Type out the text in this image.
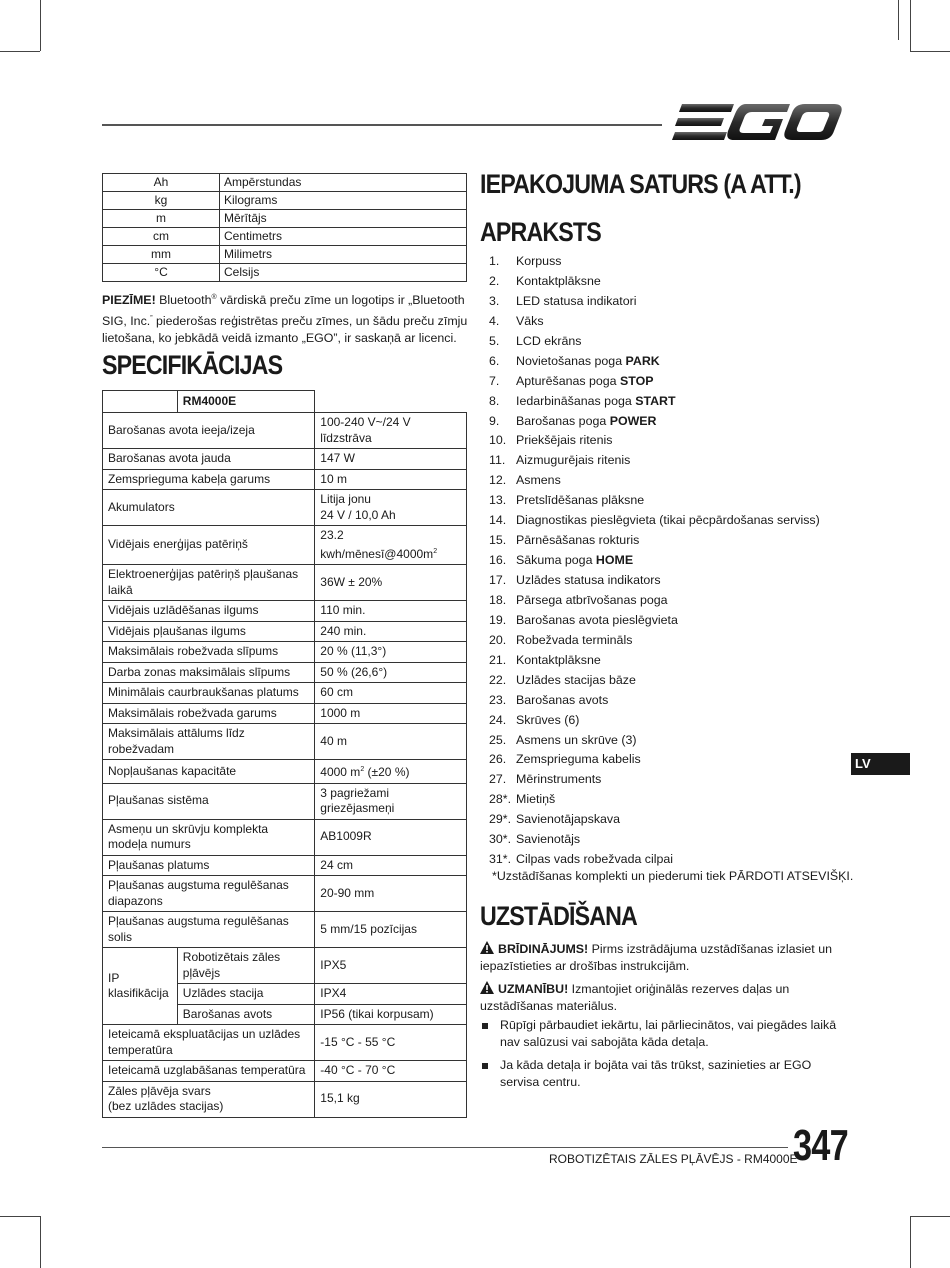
Ah	Ampērstundas
kg	Kilograms
m	Mērītājs
cm	Centimetrs
mm	Milimetrs
°C	Celsijs
PIEZĪME! Bluetooth® vārdiskā preču zīme un logotips ir „Bluetooth SIG, Inc.” piederošas reģistrētas preču zīmes, un šādu preču zīmju lietošana, ko jebkādā veidā izmanto „EGO”, ir saskaņā ar licenci.
SPECIFIKĀCIJAS
	RM4000E	
Barošanas avota ieeja/izeja		100-240 V~/24 V līdzstrāva
Barošanas avota jauda		147 W
Zemsprieguma kabeļa garums		10 m
Akumulators		Litija jonu
24 V / 10,0 Ah
Vidējais enerģijas patēriņš		23.2 kwh/$mēnesī@4000m^2$
Elektroenerģijas patēriņš pļaušanas laikā		36W ± 20%
Vidējais uzlādēšanas ilgums		110 min.
Vidējais pļaušanas ilgums		240 min.
Maksimālais robežvada slīpums		20 % (11,3°)
Darba zonas maksimālais slīpums		50 % (26,6°)
Minimālais caurbraukšanas platums		60 cm
Maksimālais robežvada garums		1000 m
Maksimālais attālums līdz robežvadam		40 m
Nopļaušanas kapacitāte		4000 $m^2$ (±20 %)
Pļaušanas sistēma		3 pagriežami griezējasmeņi
Asmeņu un skrūvju komplekta modeļa numurs		AB1009R
Pļaušanas platums		24 cm
Pļaušanas augstuma regulēšanas diapazons		20-90 mm
Pļaušanas augstuma regulēšanas solis		5 mm/15 pozīcijas
IP klasifikācija	Robotizētais zāles pļāvējs	IPX5
	Uzlādes stacija	IPX4
	Barošanas avots	IP56 (tikai korpusam)
Ieteicamā ekspluatācijas un uzlādes temperatūra		-15 °C - 55 °C
Ieteicamā uzglabāšanas temperatūra		-40 °C - 70 °C
Zāles pļāvēja svars
(bez uzlādes stacijas)		15,1 kg
IEPAKOJUMA SATURS (A ATT.)
APRAKSTS
1. Korpuss
2. Kontaktplāksne
3. LED statusa indikatori
4. Vāks
5. LCD ekrāns
6. Novietošanas poga PARK
7. Apturēšanas poga STOP
8. Iedarbināšanas poga START
9. Barošanas poga POWER
10. Priekšējais ritenis
11. Aizmugurējais ritenis
12. Asmens
13. Pretslīdēšanas plāksne
14. Diagnostikas pieslēgvieta (tikai pēcpārdošanas serviss)
15. Pārnēsāšanas rokturis
16. Sākuma poga HOME
17. Uzlādes statusa indikators
18. Pārsega atbrīvošanas poga
19. Barošanas avota pieslēgvieta
20. Robežvada termināls
21. Kontaktplāksne
22. Uzlādes stacijas bāze
23. Barošanas avots
24. Skrūves (6)
25. Asmens un skrūve (3)
26. Zemsprieguma kabelis
27. Mērinstruments
28*. Mietiņš
29*. Savienotājapskava
30*. Savienotājs
31*. Cilpas vads robežvada cilpai
*Uzstādīšanas komplekti un piederumi tiek PĀRDOTI ATSEVIŠĶI.
UZSTĀDĪŠANA
BRĪDINĀJUMS! Pirms izstrādājuma uzstādīšanas izlasiet un iepazīstieties ar drošības instrukcijām.
UZMANĪBU! Izmantojiet oriģinālās rezerves daļas un uzstādīšanas materiālus.
Rūpīgi pārbaudiet iekārtu, lai pārliecinātos, vai piegādes laikā nav salūzusi vai sabojāta kāda detaļa.
Ja kāda detaļa ir bojāta vai tās trūkst, sazinieties ar EGO servisa centru.
LV
ROBOTIZĒTAIS ZĀLES PĻĀVĒJS - RM4000E
347
